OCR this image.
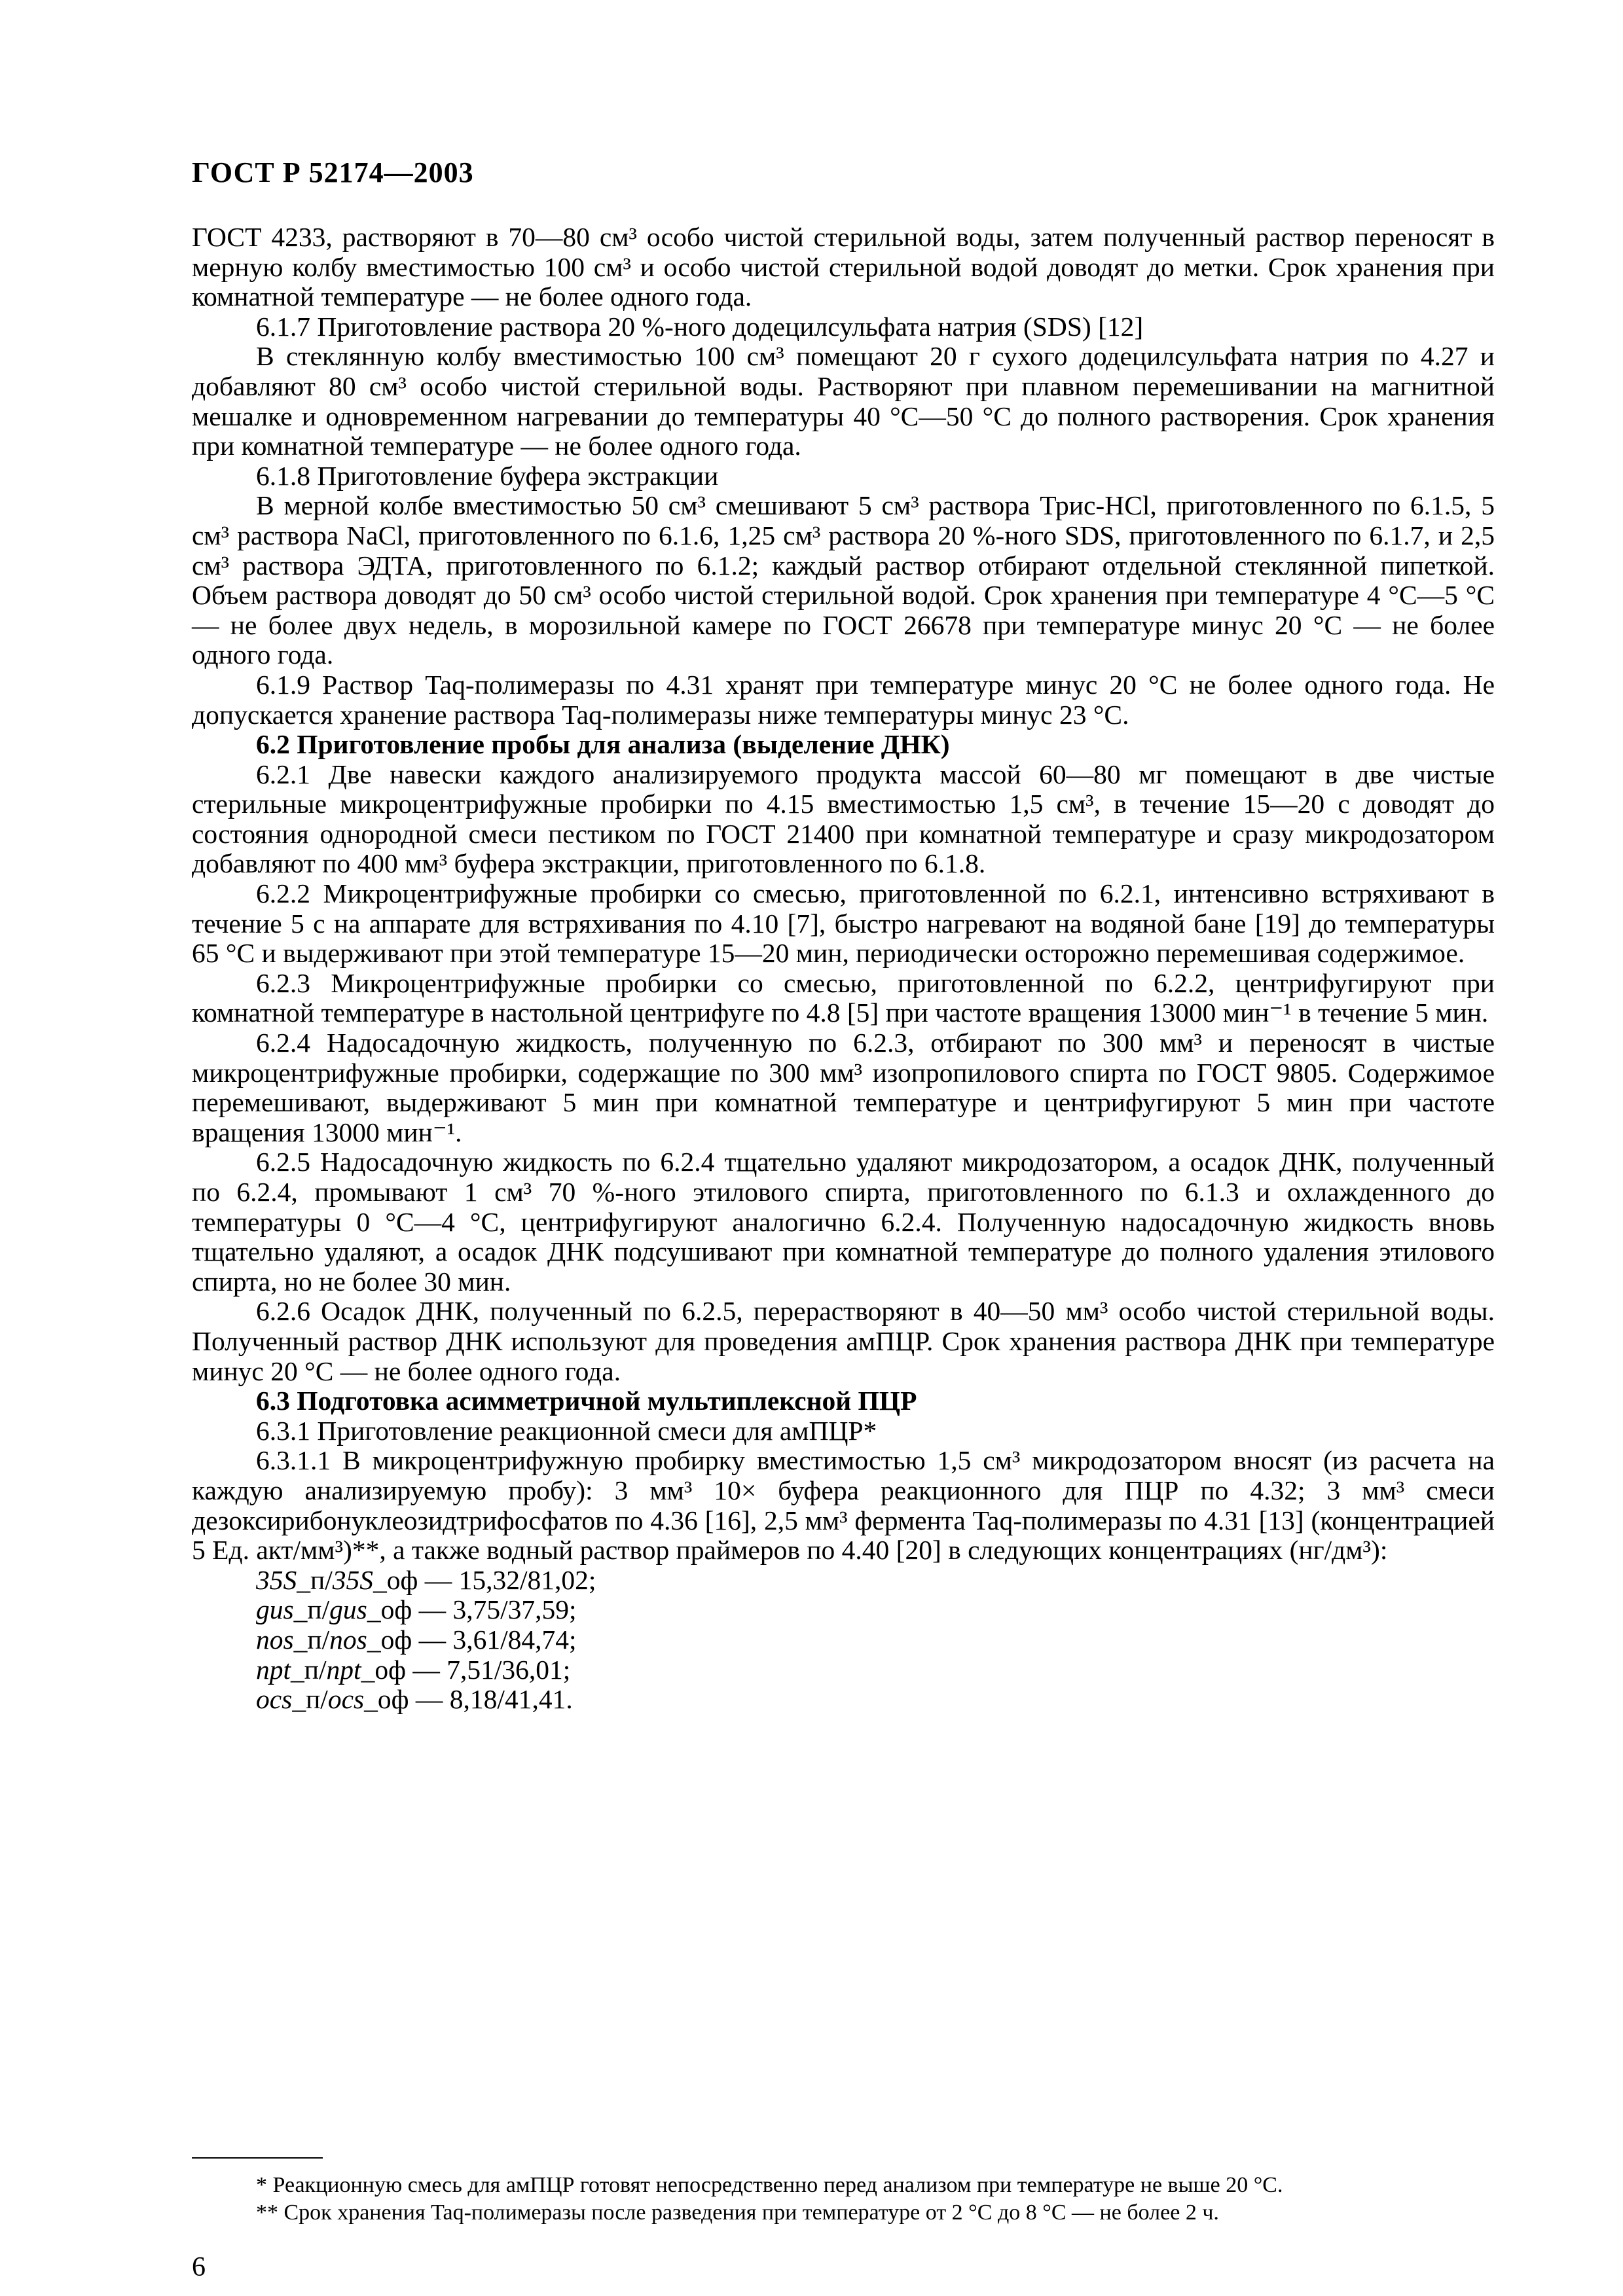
ГОСТ Р 52174—2003

ГОСТ 4233, растворяют в 70—80 см³ особо чистой стерильной воды, затем полученный раствор переносят в мерную колбу вместимостью 100 см³ и особо чистой стерильной водой доводят до метки. Срок хранения при комнатной температуре — не более одного года.

6.1.7 Приготовление раствора 20 %-ного додецилсульфата натрия (SDS) [12]

В стеклянную колбу вместимостью 100 см³ помещают 20 г сухого додецилсульфата натрия по 4.27 и добавляют 80 см³ особо чистой стерильной воды. Растворяют при плавном перемешивании на магнитной мешалке и одновременном нагревании до температуры 40 °С—50 °С до полного растворения. Срок хранения при комнатной температуре — не более одного года.

6.1.8 Приготовление буфера экстракции

В мерной колбе вместимостью 50 см³ смешивают 5 см³ раствора Трис-HCl, приготовленного по 6.1.5, 5 см³ раствора NaCl, приготовленного по 6.1.6, 1,25 см³ раствора 20 %-ного SDS, приготовленного по 6.1.7, и 2,5 см³ раствора ЭДТА, приготовленного по 6.1.2; каждый раствор отбирают отдельной стеклянной пипеткой. Объем раствора доводят до 50 см³ особо чистой стерильной водой. Срок хранения при температуре 4 °С—5 °С — не более двух недель, в морозильной камере по ГОСТ 26678 при температуре минус 20 °С — не более одного года.

6.1.9 Раствор Taq-полимеразы по 4.31 хранят при температуре минус 20 °С не более одного года. Не допускается хранение раствора Taq-полимеразы ниже температуры минус 23 °С.

6.2 Приготовление пробы для анализа (выделение ДНК)

6.2.1 Две навески каждого анализируемого продукта массой 60—80 мг помещают в две чистые стерильные микроцентрифужные пробирки по 4.15 вместимостью 1,5 см³, в течение 15—20 с доводят до состояния однородной смеси пестиком по ГОСТ 21400 при комнатной температуре и сразу микродозатором добавляют по 400 мм³ буфера экстракции, приготовленного по 6.1.8.

6.2.2 Микроцентрифужные пробирки со смесью, приготовленной по 6.2.1, интенсивно встряхивают в течение 5 с на аппарате для встряхивания по 4.10 [7], быстро нагревают на водяной бане [19] до температуры 65 °С и выдерживают при этой температуре 15—20 мин, периодически осторожно перемешивая содержимое.

6.2.3 Микроцентрифужные пробирки со смесью, приготовленной по 6.2.2, центрифугируют при комнатной температуре в настольной центрифуге по 4.8 [5] при частоте вращения 13000 мин⁻¹ в течение 5 мин.

6.2.4 Надосадочную жидкость, полученную по 6.2.3, отбирают по 300 мм³ и переносят в чистые микроцентрифужные пробирки, содержащие по 300 мм³ изопропилового спирта по ГОСТ 9805. Содержимое перемешивают, выдерживают 5 мин при комнатной температуре и центрифугируют 5 мин при частоте вращения 13000 мин⁻¹.

6.2.5 Надосадочную жидкость по 6.2.4 тщательно удаляют микродозатором, а осадок ДНК, полученный по 6.2.4, промывают 1 см³ 70 %-ного этилового спирта, приготовленного по 6.1.3 и охлажденного до температуры 0 °С—4 °С, центрифугируют аналогично 6.2.4. Полученную надосадочную жидкость вновь тщательно удаляют, а осадок ДНК подсушивают при комнатной температуре до полного удаления этилового спирта, но не более 30 мин.

6.2.6 Осадок ДНК, полученный по 6.2.5, перерастворяют в 40—50 мм³ особо чистой стерильной воды. Полученный раствор ДНК используют для проведения амПЦР. Срок хранения раствора ДНК при температуре минус 20 °С — не более одного года.

6.3 Подготовка асимметричной мультиплексной ПЦР

6.3.1 Приготовление реакционной смеси для амПЦР*

6.3.1.1 В микроцентрифужную пробирку вместимостью 1,5 см³ микродозатором вносят (из расчета на каждую анализируемую пробу): 3 мм³ 10× буфера реакционного для ПЦР по 4.32; 3 мм³ смеси дезоксирибонуклеозидтрифосфатов по 4.36 [16], 2,5 мм³ фермента Taq-полимеразы по 4.31 [13] (концентрацией 5 Ед. акт/мм³)**, а также водный раствор праймеров по 4.40 [20] в следующих концентрациях (нг/дм³):

35S_п/35S_оф — 15,32/81,02;

gus_п/gus_оф — 3,75/37,59;

nos_п/nos_оф — 3,61/84,74;

npt_п/npt_оф — 7,51/36,01;

ocs_п/ocs_оф — 8,18/41,41.

* Реакционную смесь для амПЦР готовят непосредственно перед анализом при температуре не выше 20 °С.

** Срок хранения Taq-полимеразы после разведения при температуре от 2 °С до 8 °С — не более 2 ч.

6
